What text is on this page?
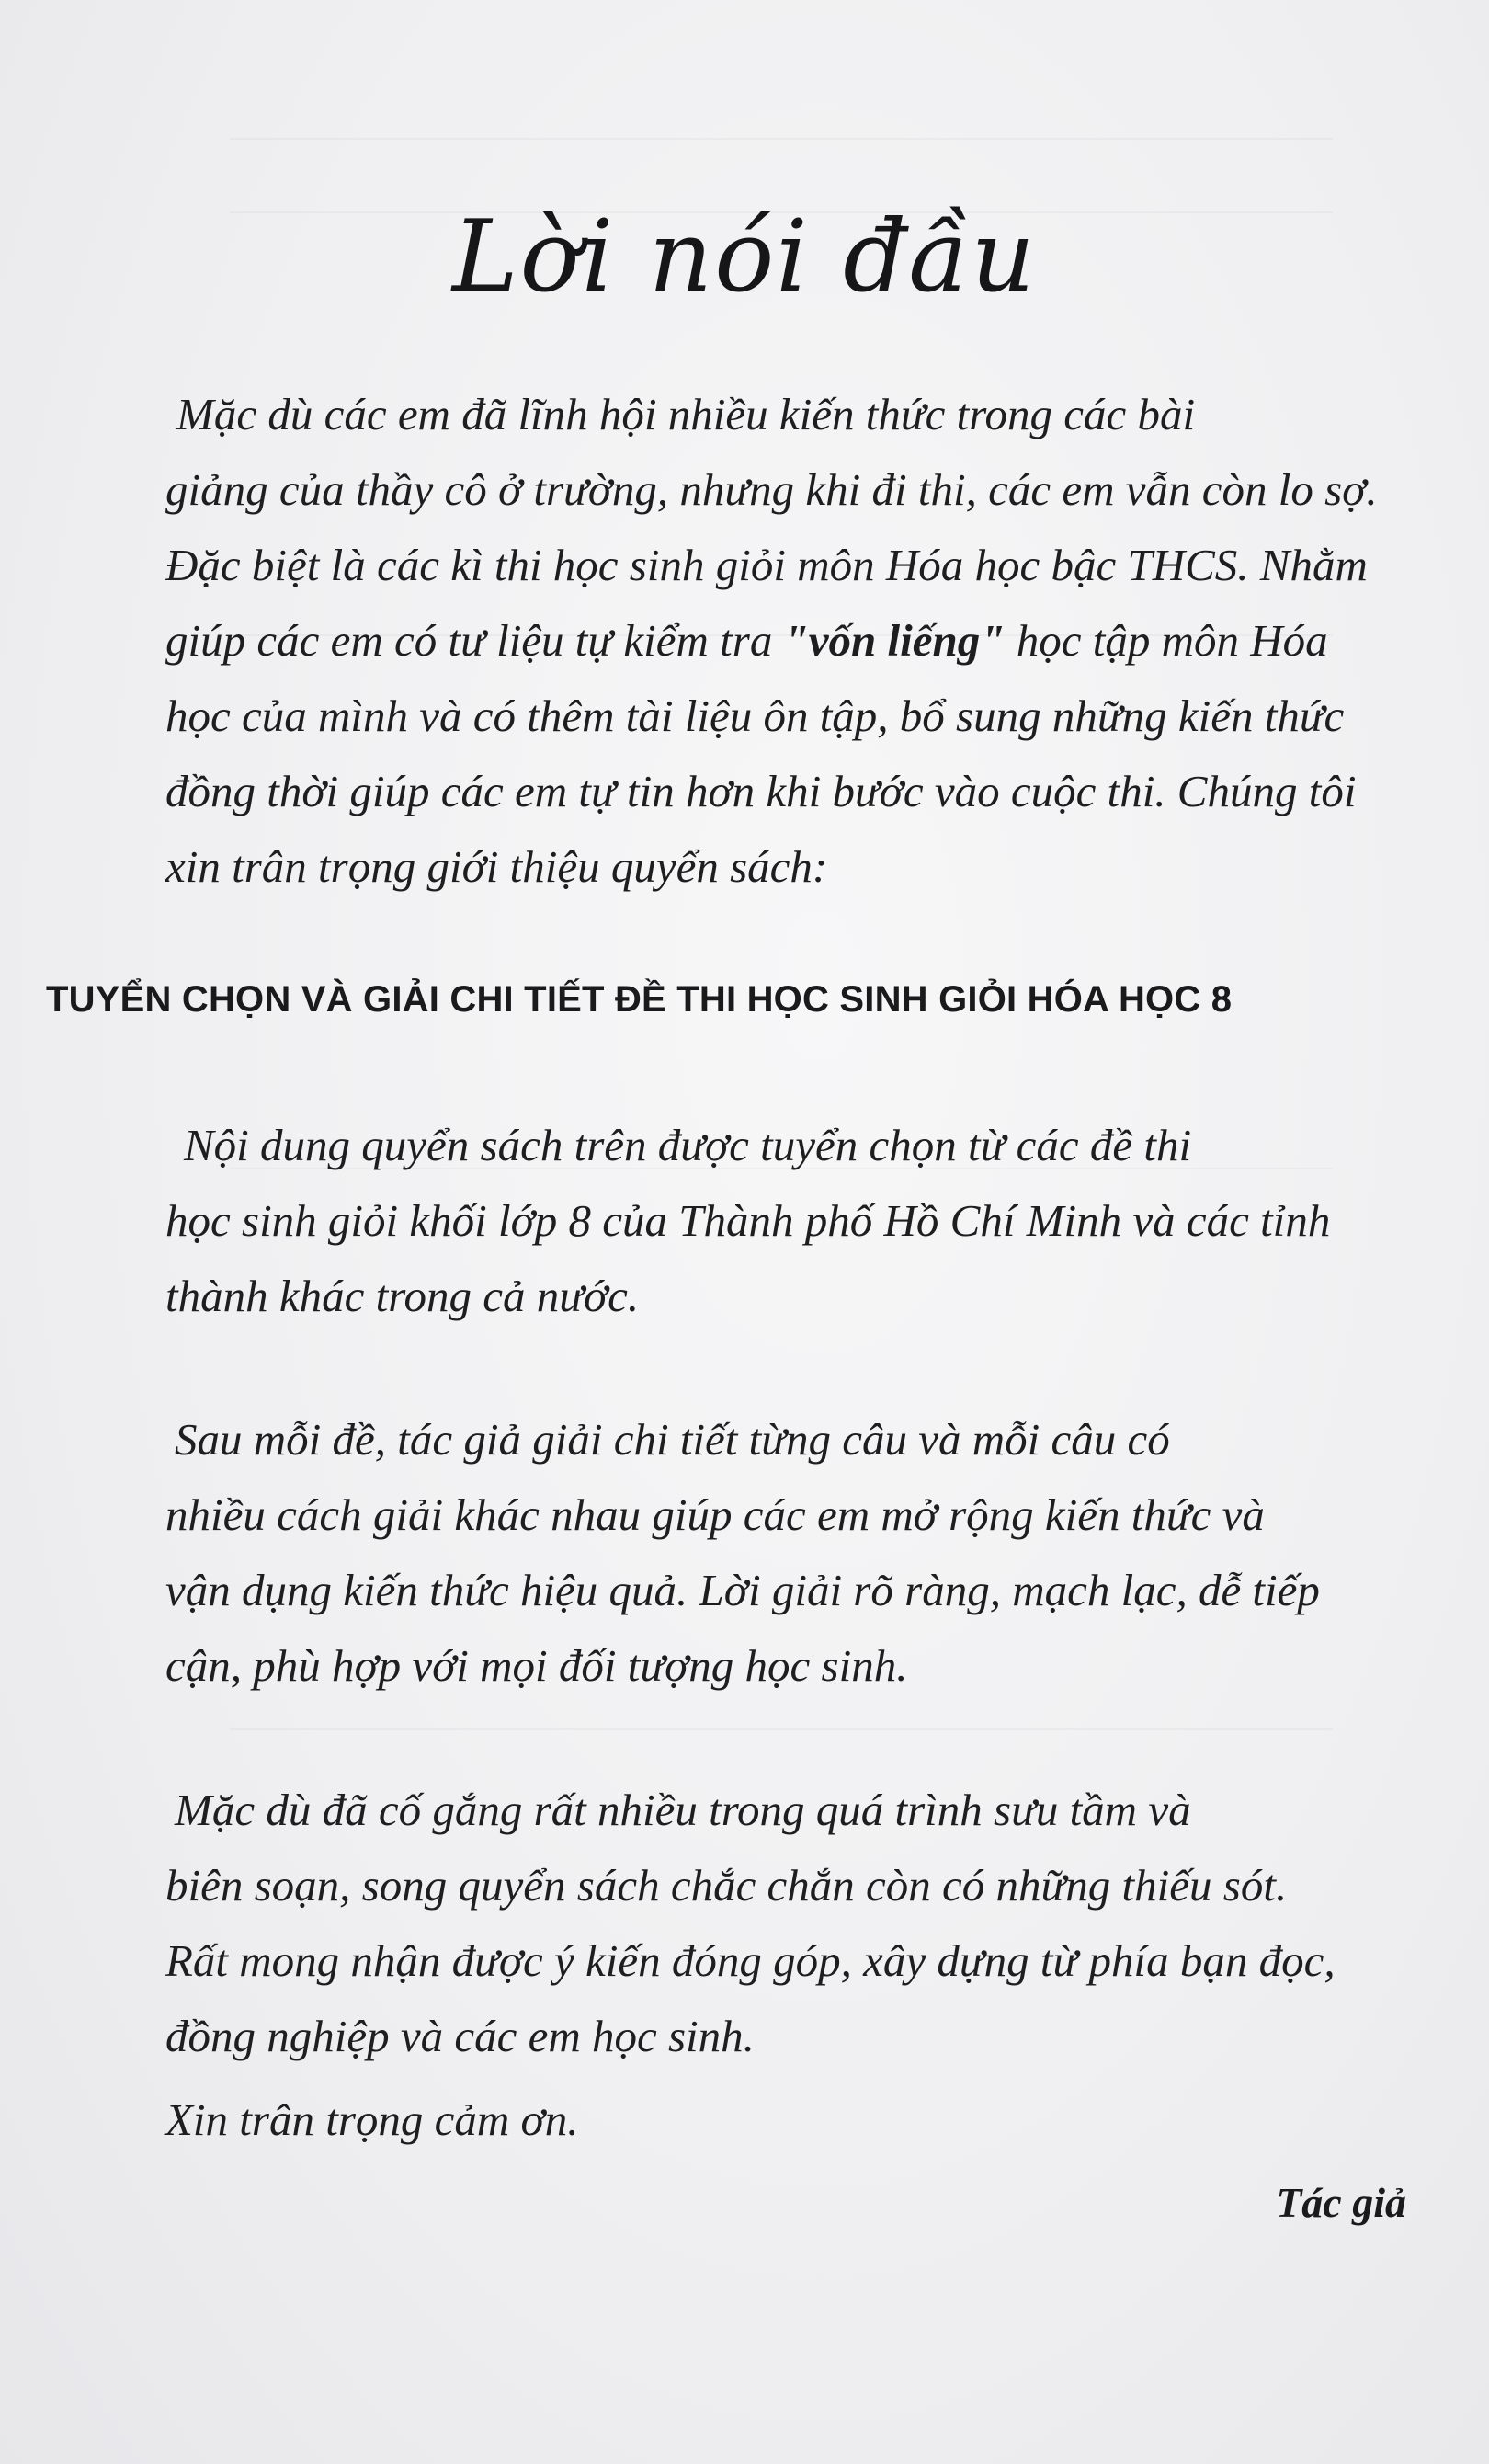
Lời nói đầu
Mặc dù các em đã lĩnh hội nhiều kiến thức trong các bài
giảng của thầy cô ở trường, nhưng khi đi thi, các em vẫn còn lo sợ.
Đặc biệt là các kì thi học sinh giỏi môn Hóa học bậc THCS. Nhằm
giúp các em có tư liệu tự kiểm tra "vốn liếng" học tập môn Hóa
học của mình và có thêm tài liệu ôn tập, bổ sung những kiến thức
đồng thời giúp các em tự tin hơn khi bước vào cuộc thi. Chúng tôi
xin trân trọng giới thiệu quyển sách:
TUYỂN CHỌN VÀ GIẢI CHI TIẾT ĐỀ THI HỌC SINH GIỎI HÓA HỌC 8
Nội dung quyển sách trên được tuyển chọn từ các đề thi
học sinh giỏi khối lớp 8 của Thành phố Hồ Chí Minh và các tỉnh
thành khác trong cả nước.
Sau mỗi đề, tác giả giải chi tiết từng câu và mỗi câu có
nhiều cách giải khác nhau giúp các em mở rộng kiến thức và
vận dụng kiến thức hiệu quả. Lời giải rõ ràng, mạch lạc, dễ tiếp
cận, phù hợp với mọi đối tượng học sinh.
Mặc dù đã cố gắng rất nhiều trong quá trình sưu tầm và
biên soạn, song quyển sách chắc chắn còn có những thiếu sót.
Rất mong nhận được ý kiến đóng góp, xây dựng từ phía bạn đọc,
đồng nghiệp và các em học sinh.
Xin trân trọng cảm ơn.
Tác giả
